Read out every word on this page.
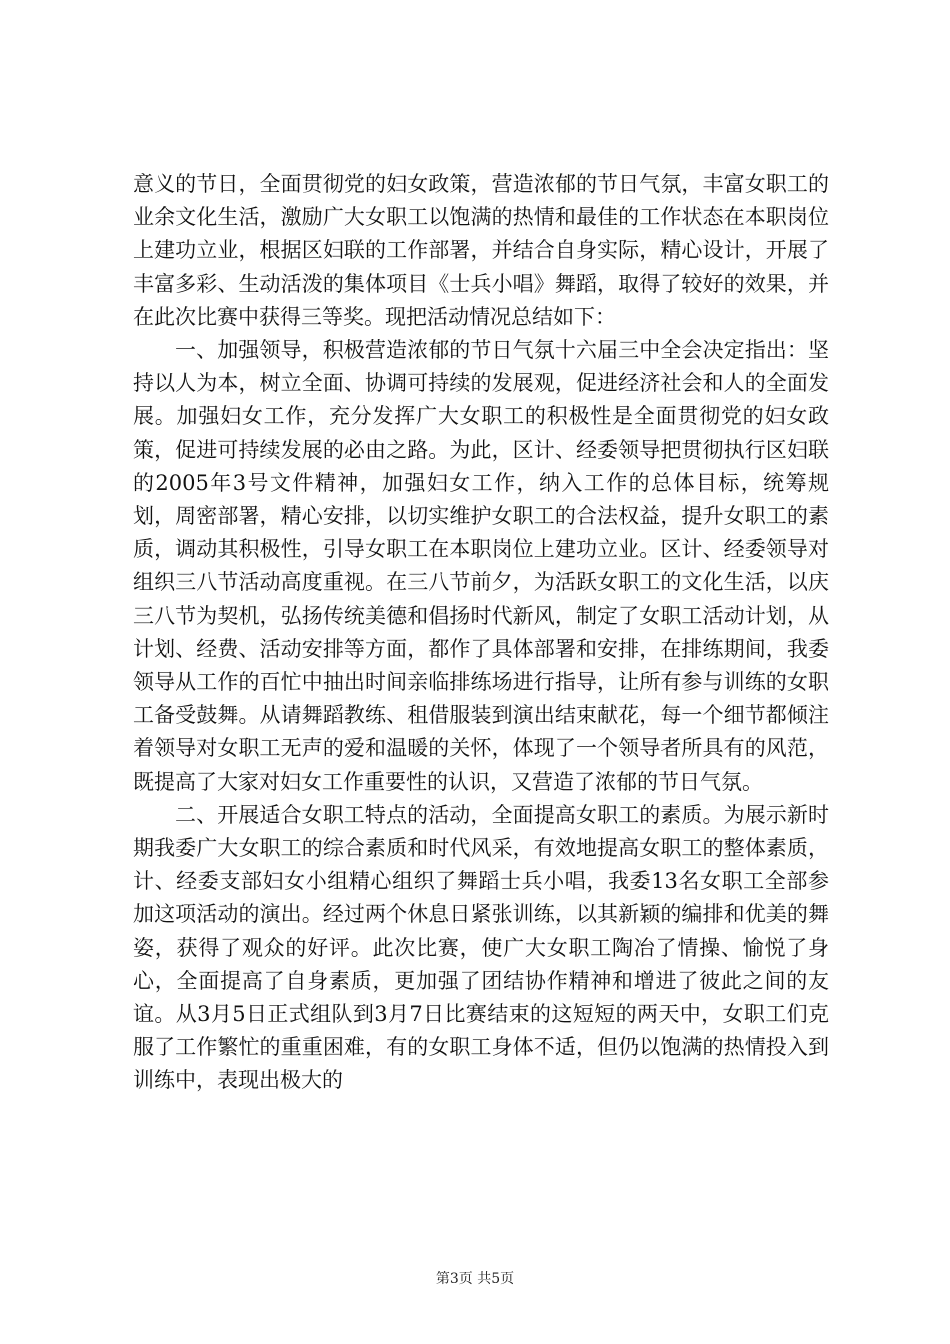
意义的节日，全面贯彻党的妇女政策，营造浓郁的节日气氛，丰富女职工的业余文化生活，激励广大女职工以饱满的热情和最佳的工作状态在本职岗位上建功立业，根据区妇联的工作部署，并结合自身实际，精心设计，开展了丰富多彩、生动活泼的集体项目《士兵小唱》舞蹈，取得了较好的效果，并在此次比赛中获得三等奖。现把活动情况总结如下：

一、加强领导，积极营造浓郁的节日气氛十六届三中全会决定指出：坚持以人为本，树立全面、协调可持续的发展观，促进经济社会和人的全面发展。加强妇女工作，充分发挥广大女职工的积极性是全面贯彻党的妇女政策，促进可持续发展的必由之路。为此，区计、经委领导把贯彻执行区妇联的2005年3号文件精神，加强妇女工作，纳入工作的总体目标，统筹规划，周密部署，精心安排，以切实维护女职工的合法权益，提升女职工的素质，调动其积极性，引导女职工在本职岗位上建功立业。区计、经委领导对组织三八节活动高度重视。在三八节前夕，为活跃女职工的文化生活，以庆三八节为契机，弘扬传统美德和倡扬时代新风，制定了女职工活动计划，从计划、经费、活动安排等方面，都作了具体部署和安排，在排练期间，我委领导从工作的百忙中抽出时间亲临排练场进行指导，让所有参与训练的女职工备受鼓舞。从请舞蹈教练、租借服装到演出结束献花，每一个细节都倾注着领导对女职工无声的爱和温暖的关怀，体现了一个领导者所具有的风范，既提高了大家对妇女工作重要性的认识，又营造了浓郁的节日气氛。

二、开展适合女职工特点的活动，全面提高女职工的素质。为展示新时期我委广大女职工的综合素质和时代风采，有效地提高女职工的整体素质，计、经委支部妇女小组精心组织了舞蹈士兵小唱，我委13名女职工全部参加这项活动的演出。经过两个休息日紧张训练，以其新颖的编排和优美的舞姿，获得了观众的好评。此次比赛，使广大女职工陶冶了情操、愉悦了身心，全面提高了自身素质，更加强了团结协作精神和增进了彼此之间的友谊。从3月5日正式组队到3月7日比赛结束的这短短的两天中，女职工们克服了工作繁忙的重重困难，有的女职工身体不适，但仍以饱满的热情投入到训练中，表现出极大的

第3页 共5页
